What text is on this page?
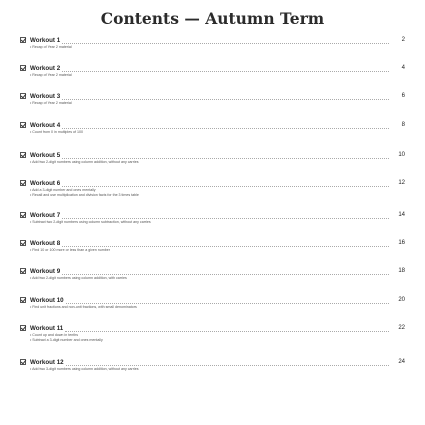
Contents — Autumn Term
Workout 1	2
• Recap of Year 2 material
Workout 2	4
• Recap of Year 2 material
Workout 3	6
• Recap of Year 2 material
Workout 4	8
• Count from 0 in multiples of 100
Workout 5	10
• Add two 2-digit numbers using column addition, without any carries
Workout 6	12
• Add a 3-digit number and ones mentally
• Recall and use multiplication and division facts for the 3 times table
Workout 7	14
• Subtract two 2-digit numbers using column subtraction, without any carries
Workout 8	16
• Find 10 or 100 more or less than a given number
Workout 9	18
• Add two 2-digit numbers using column addition, with carries
Workout 10	20
• Find unit fractions and non-unit fractions, with small denominators
Workout 11	22
• Count up and down in tenths
• Subtract a 3-digit number and ones mentally
Workout 12	24
• Add two 3-digit numbers using column addition, without any carries
